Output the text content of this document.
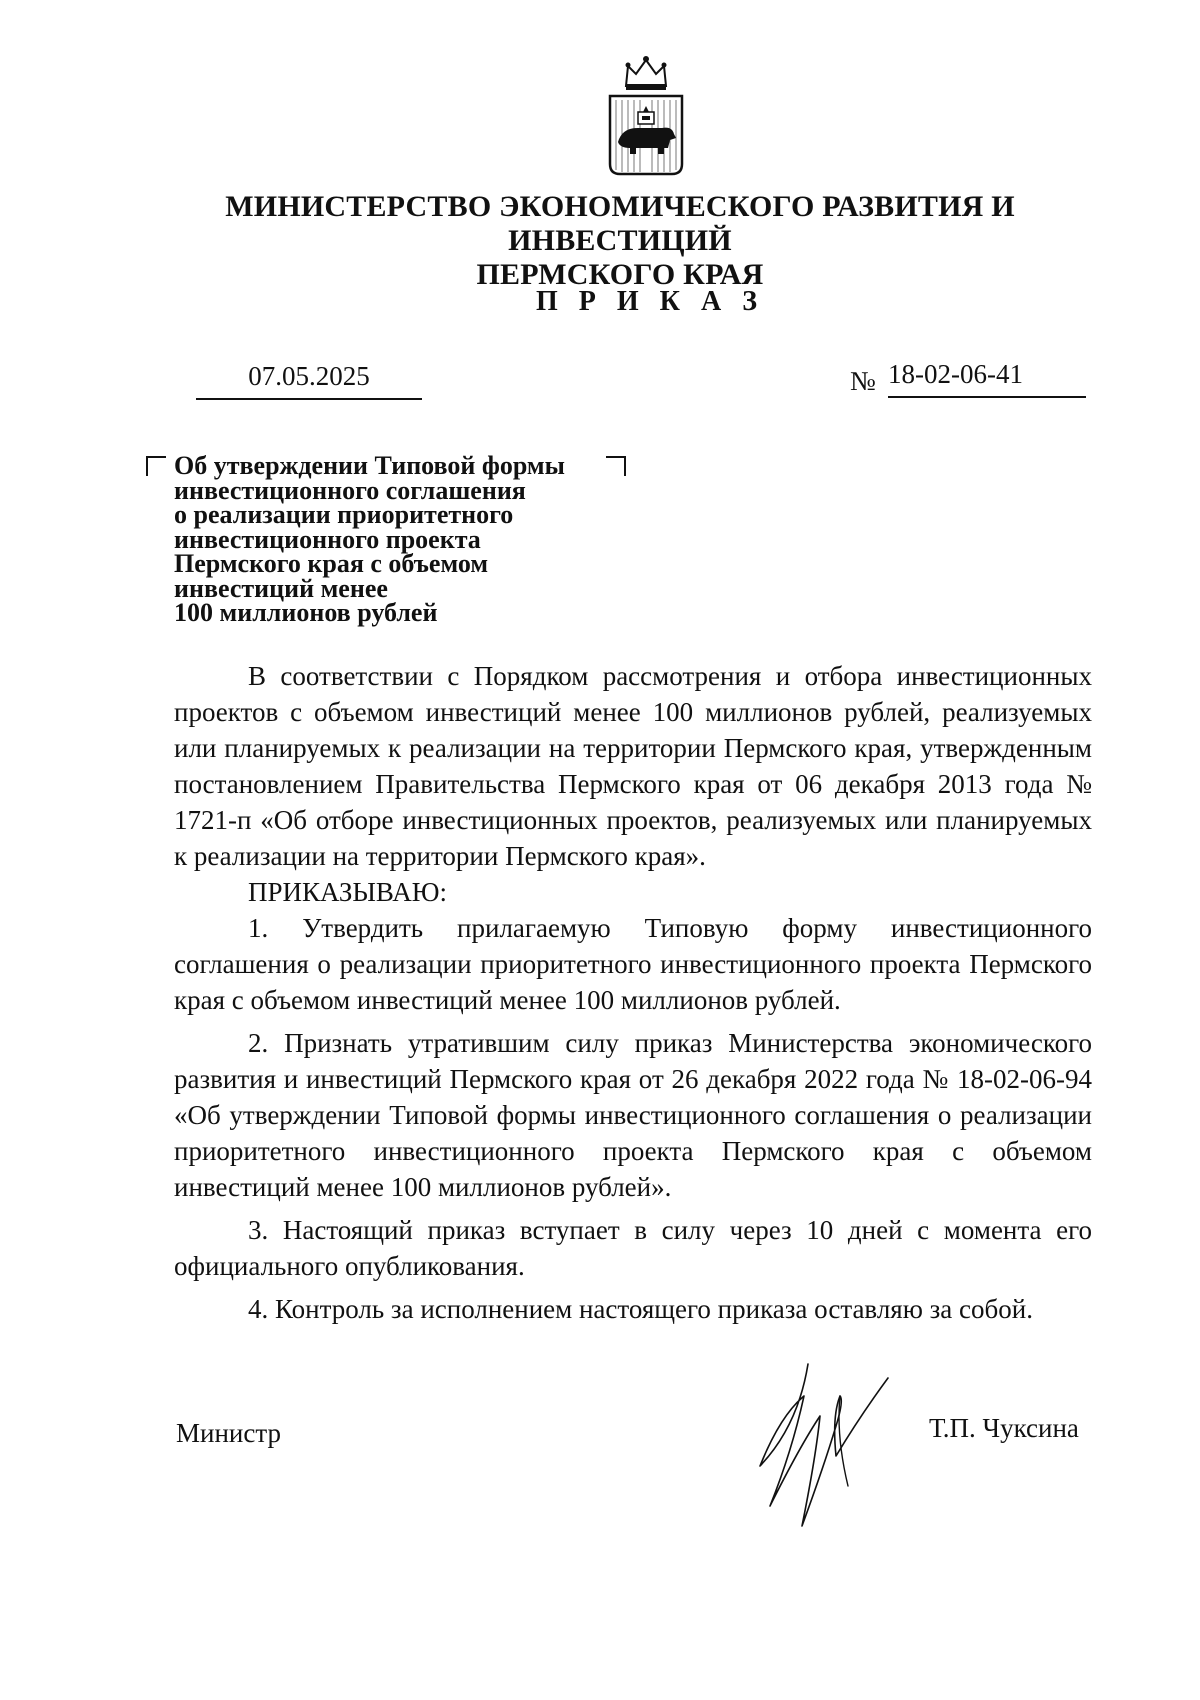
МИНИСТЕРСТВО ЭКОНОМИЧЕСКОГО РАЗВИТИЯ И ИНВЕСТИЦИЙ
ПЕРМСКОГО КРАЯ
П Р И К А З
07.05.2025	№ 18-02-06-41
Об утверждении Типовой формы
инвестиционного соглашения
о реализации приоритетного
инвестиционного проекта
Пермского края с объемом
инвестиций менее
100 миллионов рублей

В соответствии с Порядком рассмотрения и отбора инвестиционных проектов с объемом инвестиций менее 100 миллионов рублей, реализуемых или планируемых к реализации на территории Пермского края, утвержденным постановлением Правительства Пермского края от 06 декабря 2013 года № 1721-п «Об отборе инвестиционных проектов, реализуемых или планируемых к реализации на территории Пермского края».

ПРИКАЗЫВАЮ:

1. Утвердить прилагаемую Типовую форму инвестиционного соглашения о реализации приоритетного инвестиционного проекта Пермского края с объемом инвестиций менее 100 миллионов рублей.

2. Признать утратившим силу приказ Министерства экономического развития и инвестиций Пермского края от 26 декабря 2022 года № 18-02-06-94 «Об утверждении Типовой формы инвестиционного соглашения о реализации приоритетного инвестиционного проекта Пермского края с объемом инвестиций менее 100 миллионов рублей».

3. Настоящий приказ вступает в силу через 10 дней с момента его официального опубликования.

4. Контроль за исполнением настоящего приказа оставляю за собой.

Министр	Т.П. Чуксина
